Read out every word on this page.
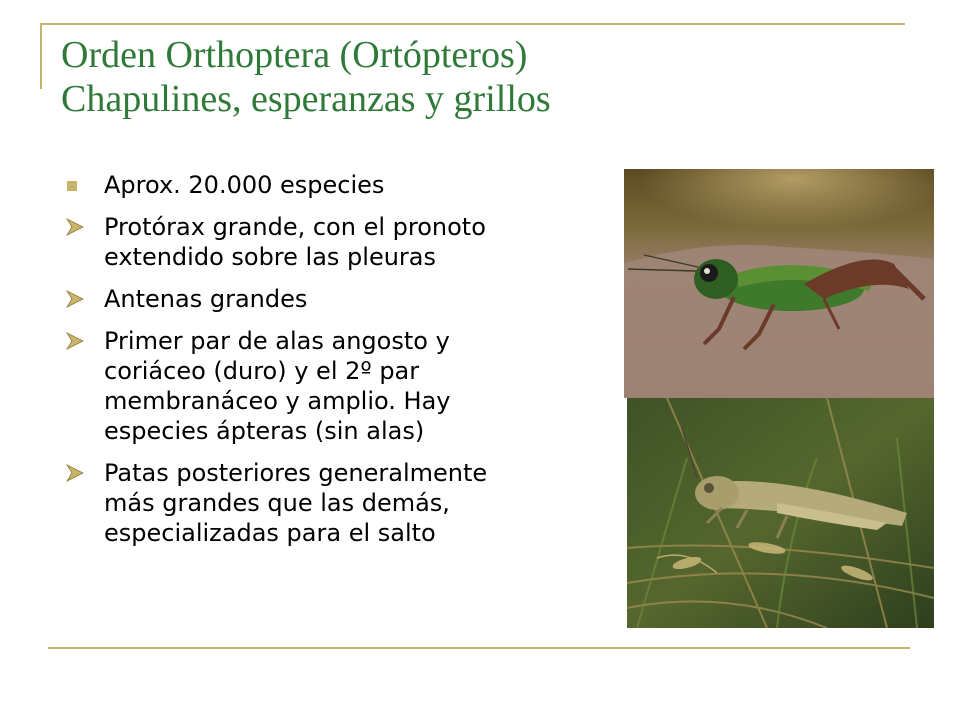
Orden Orthoptera (Ortópteros)
Chapulines, esperanzas y grillos
Aprox. 20.000 especies
Protórax grande, con el pronoto
extendido sobre las pleuras
Antenas grandes
Primer par de alas angosto y
coriáceo (duro) y el 2º par
membranáceo y amplio. Hay
especies ápteras (sin alas)
Patas posteriores generalmente
más grandes que las demás,
especializadas para el salto
